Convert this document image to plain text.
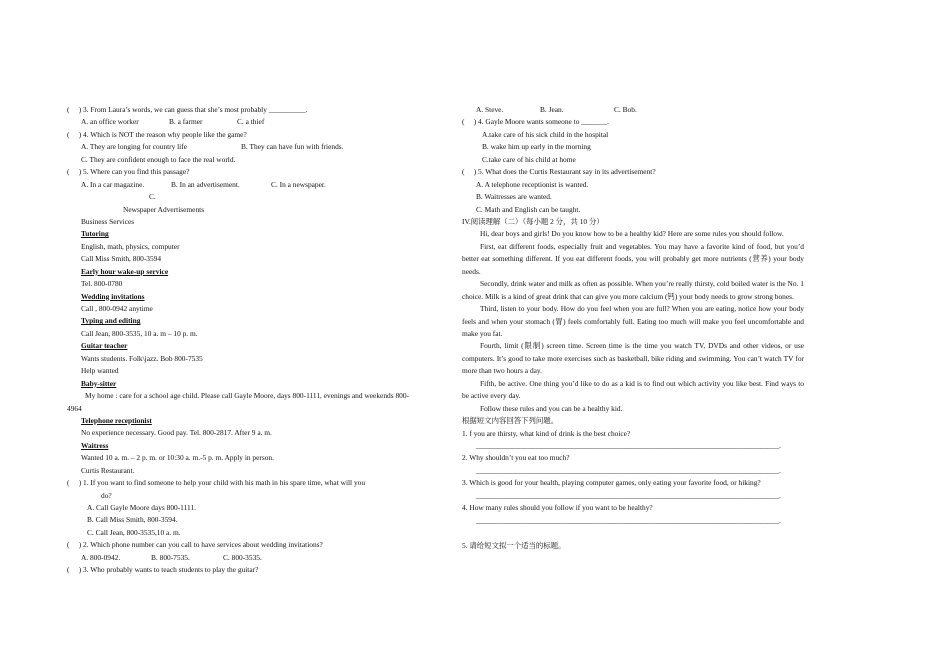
(　 ) 3. From Laura’s words, we can guess that she’s most probably __________.
A. an office worker	B. a farmer	C. a thief
(　 ) 4. Which is NOT the reason why people like the game?
A. They are longing for country life	B. They can have fun with friends.
C. They are confident enough to face the real world.
(　 ) 5. Where can you find this passage?
A. In a car magazine.	B. In an advertisement.	C. In a newspaper.
C.
Newspaper Advertisements
Business Services
Tutoring
English, math, physics, computer
Call Miss Smith, 800-3594
Early hour wake-up service
Tel. 800-0780
Wedding invitations
Call , 800-0942 anytime
Typing and editing
Call Jean, 800-3535, 10 a. m – 10 p. m.
Guitar teacher
Wants students. Folk\jazz. Bob 800-7535
Help wanted
Baby-sitter
My home : care for a school age child. Please call Gayle Moore, days 800-1111, evenings and weekends 800-4964
Telephone receptionist
No experience necessary. Good pay. Tel. 800-2817. After 9 a. m.
Waitress
Wanted 10 a. m. – 2 p. m. or 10:30 a. m.-5 p. m. Apply in person.
Curtis Restaurant.
(　 ) 1. If you want to find someone to help your child with his math in his spare time, what will you
do?
A. Call Gayle Moore days 800-1111.
B. Call Miss Smith, 800-3594.
C. Call Jean, 800-3535,10 a. m.
(　 ) 2. Which phone number can you call to have services about wedding invitations?
A. 800-0942.	B. 800-7535.	C. 800-3535.
(　 ) 3. Who probably wants to teach students to play the guitar?
A. Steve.	B. Jean.	C. Bob.
(　 ) 4. Gayle Moore wants someone to _______.
A.take care of his sick child in the hospital
B. wake him up early in the morning
C.take care of his child at home
(　 ) 5. What does the Curtis Restaurant say in its advertisement?
A. A telephone receptionist is wanted.
B. Waitresses are wanted.
C. Math and English can be taught.
IV.阅读理解（二）（每小题 2 分，共 10 分）
Hi, dear boys and girls! Do you know how to be a healthy kid? Here are some rules you should follow.
First, eat different foods, especially fruit and vegetables. You may have a favorite kind of food, but you’d better eat something different. If you eat different foods, you will probably get more nutrients (营养) your body needs.
Secondly, drink water and milk as often as possible. When you’re really thirsty, cold boiled water is the No. 1 choice. Milk is a kind of great drink that can give you more calcium (钙) your body needs to grow strong bones.
Third, listen to your body. How do you feel when you are full? When you are eating, notice how your body feels and when your stomach (胃) feels comfortably full. Eating too much will make you feel uncomfortable and make you fat.
Fourth, limit (限制) screen time. Screen time is the time you watch TV, DVDs and other videos, or use computers. It’s good to take more exercises such as basketball, bike riding and swimming. You can’t watch TV for more than two hours a day.
Fifth, be active. One thing you’d like to do as a kid is to find out which activity you like best. Find ways to be active every day.
Follow these rules and you can be a healthy kid.
根据短文内容回答下列问题。
1. f you are thirsty, what kind of drink is the best choice?
__________________________________________________________________________________.
2. Why shouldn’t you eat too much?
__________________________________________________________________________________.
3. Which is good for your health, playing computer games, only eating your favorite food, or hiking?
__________________________________________________________________________________.
4. How many rules should you follow if you want to be healthy?
__________________________________________________________________________________.
5. 请给短文拟一个适当的标题。
